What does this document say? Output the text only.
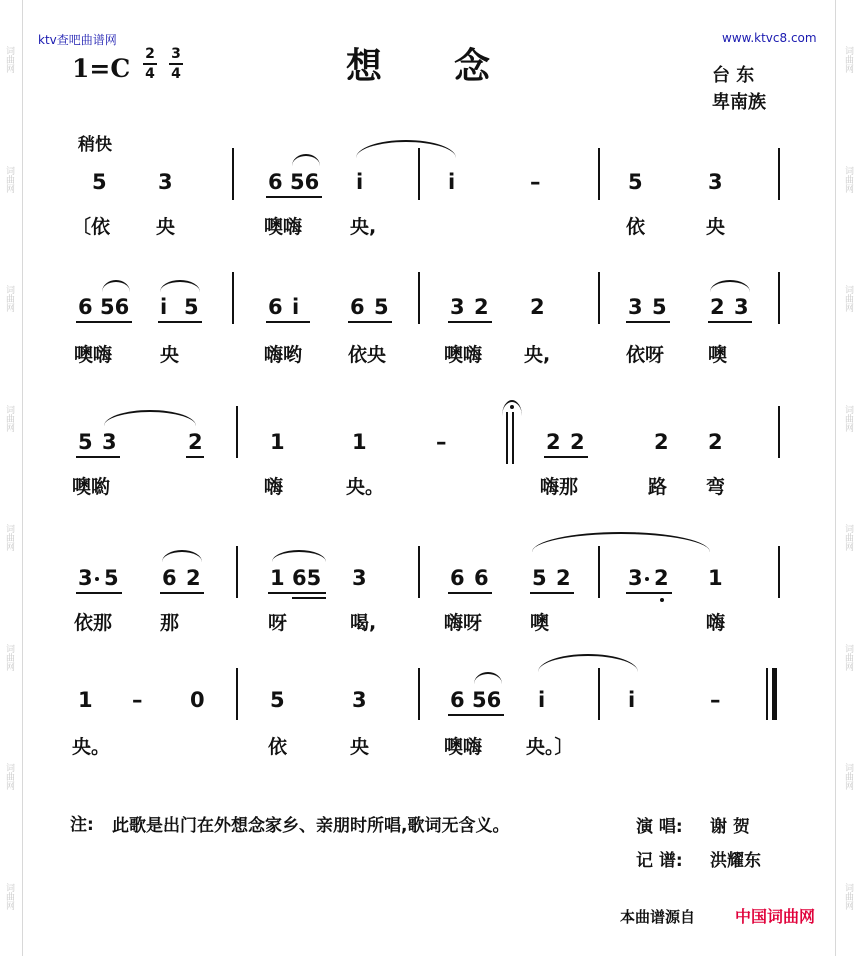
词曲网
词曲网
词曲网
词曲网
词曲网
词曲网
词曲网
词曲网
词曲网
词曲网
词曲网
词曲网
词曲网
词曲网
词曲网
词曲网
ktv查吧曲谱网	www.ktvc8.com
1=C 2
4
3
4	想念	台 东
卑南族
稍快
5 3	6 56 i	i	–	5	3
〔依 央	噢嗨	央,	依	央
6 56 i 5	6 i 6 5	3 2 2	3 5 2 3
噢嗨	央	嗨哟 依央	噢嗨 央,	依呀 噢
5 3	2	1	1	–	2 2	2 2
噢喲	嗨	央。	嗨那	路 弯
3 5 6 2	1 65 3	6 6 5 2	3 2 1
依那	那	呀	喝,	嗨呀	噢	嗨
1 – 0	5	3	6 56 i	i	–
央。	依	央	噢嗨 央。〕
注: 此歌是出门在外想念家乡、亲朋时所唱,歌词无含义。	演 唱: 谢 贺
记 谱: 洪耀东
本曲谱源自 中国词曲网
